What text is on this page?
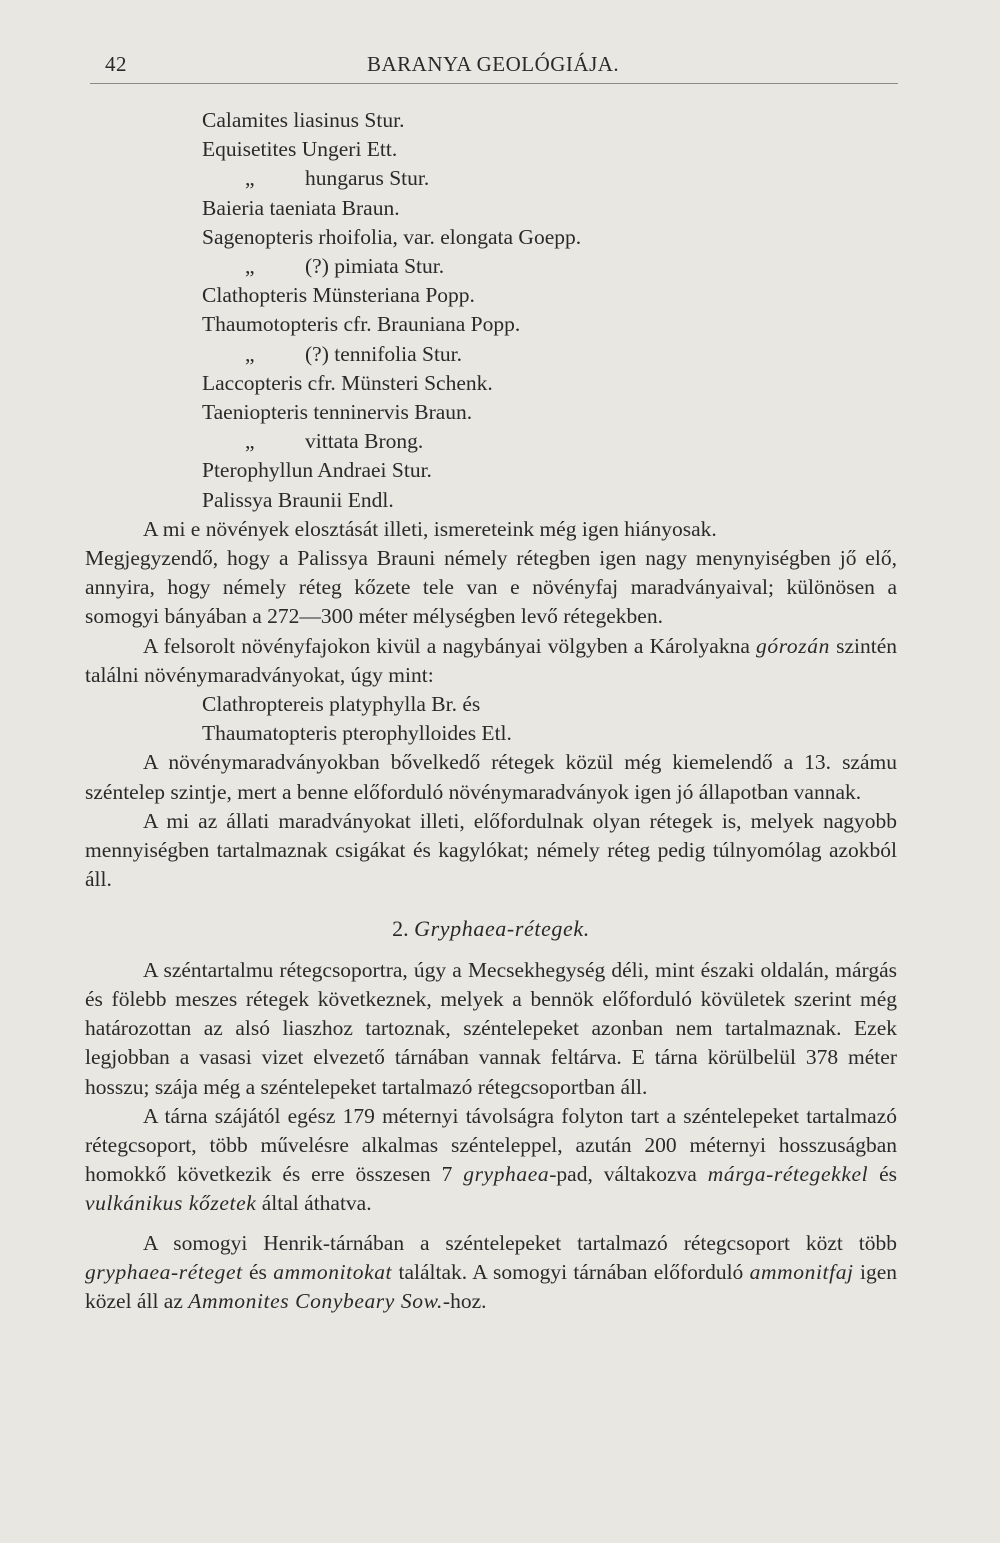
42	BARANYA GEOLÓGIÁJA.
Calamites liasinus Stur.
Equisetites Ungeri Ett.
„ hungarus Stur.
Baieria taeniata Braun.
Sagenopteris rhoifolia, var. elongata Goepp.
„ (?) pimiata Stur.
Clathopteris Münsteriana Popp.
Thaumotopteris cfr. Brauniana Popp.
„ (?) tennifolia Stur.
Laccopteris cfr. Münsteri Schenk.
Taeniopteris tenninervis Braun.
„ vittata Brong.
Pterophyllun Andraei Stur.
Palissya Braunii Endl.

A mi e növények elosztását illeti, ismereteink még igen hiányosak.

Megjegyzendő, hogy a Palissya Brauni némely rétegben igen nagy menynyiségben jő elő, annyira, hogy némely réteg kőzete tele van e növényfaj maradványaival; különösen a somogyi bányában a 272—300 méter mélységben levő rétegekben.

A felsorolt növényfajokon kivül a nagybányai völgyben a Károlyakna górozán szintén találni növénymaradványokat, úgy mint:

Clathroptereis platyphylla Br. és
Thaumatopteris pterophylloides Etl.

A növénymaradványokban bővelkedő rétegek közül még kiemelendő a 13. számu széntelep szintje, mert a benne előforduló növénymaradványok igen jó állapotban vannak.

A mi az állati maradványokat illeti, előfordulnak olyan rétegek is, melyek nagyobb mennyiségben tartalmaznak csigákat és kagylókat; némely réteg pedig túlnyomólag azokból áll.

2. Gryphaea-rétegek.

A széntartalmu rétegcsoportra, úgy a Mecsekhegység déli, mint északi oldalán, márgás és fölebb meszes rétegek következnek, melyek a bennök előforduló kövületek szerint még határozottan az alsó liaszhoz tartoznak, széntelepeket azonban nem tartalmaznak. Ezek legjobban a vasasi vizet elvezető tárnában vannak feltárva. E tárna körülbelül 378 méter hosszu; szája még a széntelepeket tartalmazó rétegcsoportban áll.

A tárna szájától egész 179 méternyi távolságra folyton tart a széntelepeket tartalmazó rétegcsoport, több művelésre alkalmas szénteleppel, azután 200 méternyi hosszuságban homokkő következik és erre összesen 7 gryphaea-pad, váltakozva márga-rétegekkel és vulkánikus kőzetek által áthatva.

A somogyi Henrik-tárnában a széntelepeket tartalmazó rétegcsoport közt több gryphaea-réteget és ammonitokat találtak. A somogyi tárnában előforduló ammonitfaj igen közel áll az Ammonites Conybeary Sow.-hoz.
